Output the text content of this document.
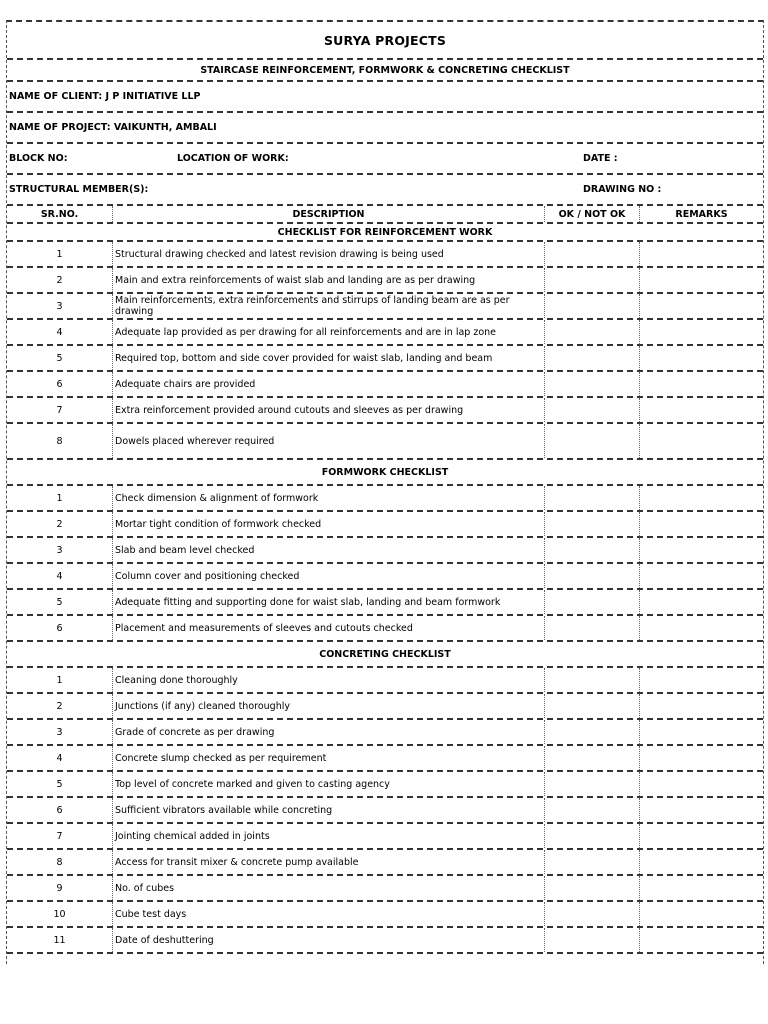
SURYA PROJECTS
STAIRCASE REINFORCEMENT, FORMWORK & CONCRETING CHECKLIST
NAME OF CLIENT: J P INITIATIVE LLP
NAME OF PROJECT: VAIKUNTH, AMBALI
BLOCK NO:	LOCATION OF WORK:	DATE :
STRUCTURAL MEMBER(S):	DRAWING NO :
SR.NO.	DESCRIPTION	OK / NOT OK	REMARKS
CHECKLIST FOR REINFORCEMENT WORK
1	Structural drawing checked and latest revision drawing is being used
2	Main and extra reinforcements of waist slab and landing are as per drawing
3	Main reinforcements, extra reinforcements and stirrups of landing beam are as per drawing
4	Adequate lap provided as per drawing for all reinforcements and are in lap zone
5	Required top, bottom and side cover provided for waist slab, landing and beam
6	Adequate chairs are provided
7	Extra reinforcement provided around cutouts and sleeves as per drawing
8	Dowels placed wherever required
FORMWORK CHECKLIST
1	Check dimension & alignment of formwork
2	Mortar tight condition of formwork checked
3	Slab and beam level checked
4	Column cover and positioning checked
5	Adequate fitting and supporting done for waist slab, landing and beam formwork
6	Placement and measurements of sleeves and cutouts checked
CONCRETING CHECKLIST
1	Cleaning done thoroughly
2	Junctions (if any) cleaned thoroughly
3	Grade of concrete as per drawing
4	Concrete slump checked as per requirement
5	Top level of concrete marked and given to casting agency
6	Sufficient vibrators available while concreting
7	Jointing chemical added in joints
8	Access for transit mixer & concrete pump available
9	No. of cubes
10	Cube test days
11	Date of deshuttering
